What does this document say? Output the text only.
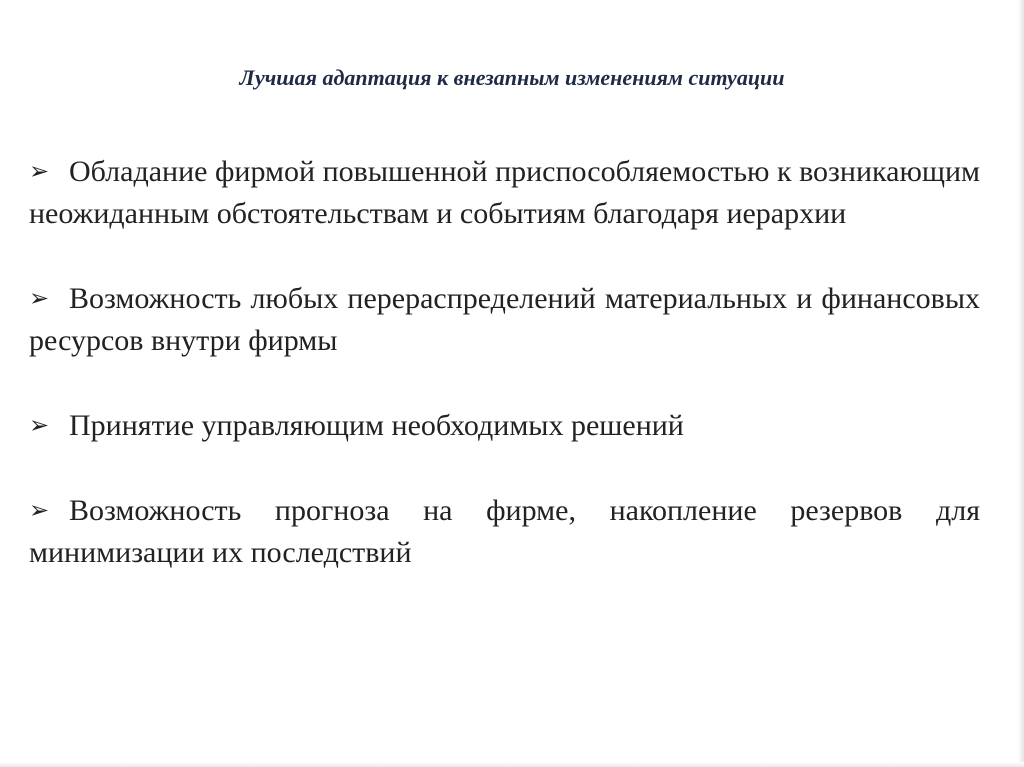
Лучшая адаптация к внезапным изменениям ситуации

➢ Обладание фирмой повышенной приспособляемостью к возникающим неожиданным обстоятельствам и событиям благодаря иерархии

➢ Возможность любых перераспределений материальных и финансовых ресурсов внутри фирмы

➢ Принятие управляющим необходимых решений

➢ Возможность прогноза на фирме, накопление резервов для минимизации их последствий
